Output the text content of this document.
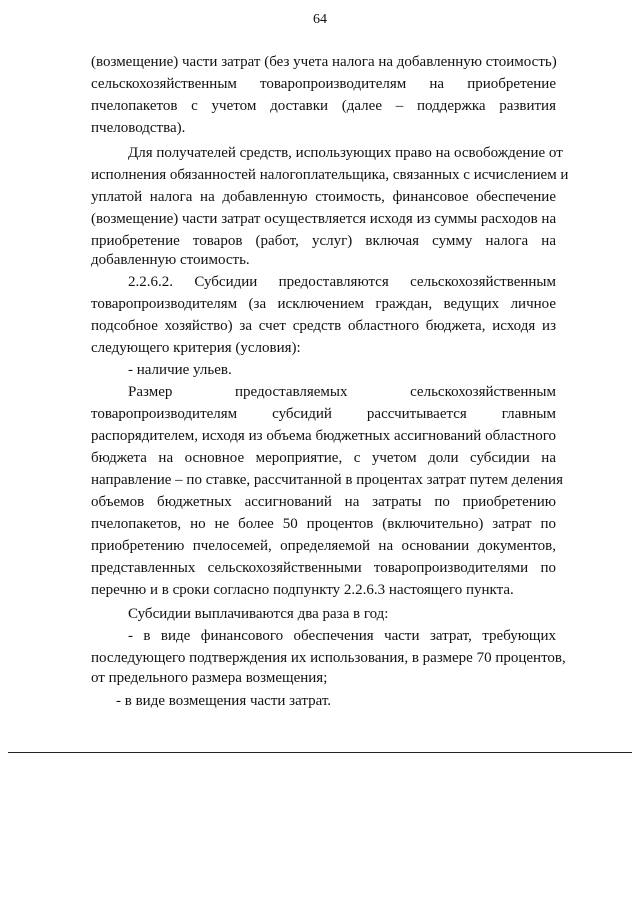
64
(возмещение) части затрат (без учета налога на добавленную стоимость)
сельскохозяйственным товаропроизводителям на приобретение
пчелопакетов с учетом доставки (далее – поддержка развития
пчеловодства).
Для получателей средств, использующих право на освобождение от
исполнения обязанностей налогоплательщика, связанных с исчислением и
уплатой налога на добавленную стоимость, финансовое обеспечение
(возмещение) части затрат осуществляется исходя из суммы расходов на
приобретение товаров (работ, услуг) включая сумму налога на
добавленную стоимость.
2.2.6.2. Субсидии предоставляются сельскохозяйственным
товаропроизводителям (за исключением граждан, ведущих личное
подсобное хозяйство) за счет средств областного бюджета, исходя из
следующего критерия (условия):
- наличие ульев.
Размер предоставляемых сельскохозяйственным
товаропроизводителям субсидий рассчитывается главным
распорядителем, исходя из объема бюджетных ассигнований областного
бюджета на основное мероприятие, с учетом доли субсидии на
направление – по ставке, рассчитанной в процентах затрат путем деления
объемов бюджетных ассигнований на затраты по приобретению
пчелопакетов, но не более 50 процентов (включительно) затрат по
приобретению пчелосемей, определяемой на основании документов,
представленных сельскохозяйственными товаропроизводителями по
перечню и в сроки согласно подпункту 2.2.6.3 настоящего пункта.
Субсидии выплачиваются два раза в год:
- в виде финансового обеспечения части затрат, требующих
последующего подтверждения их использования, в размере 70 процентов,
от предельного размера возмещения;
- в виде возмещения части затрат.
